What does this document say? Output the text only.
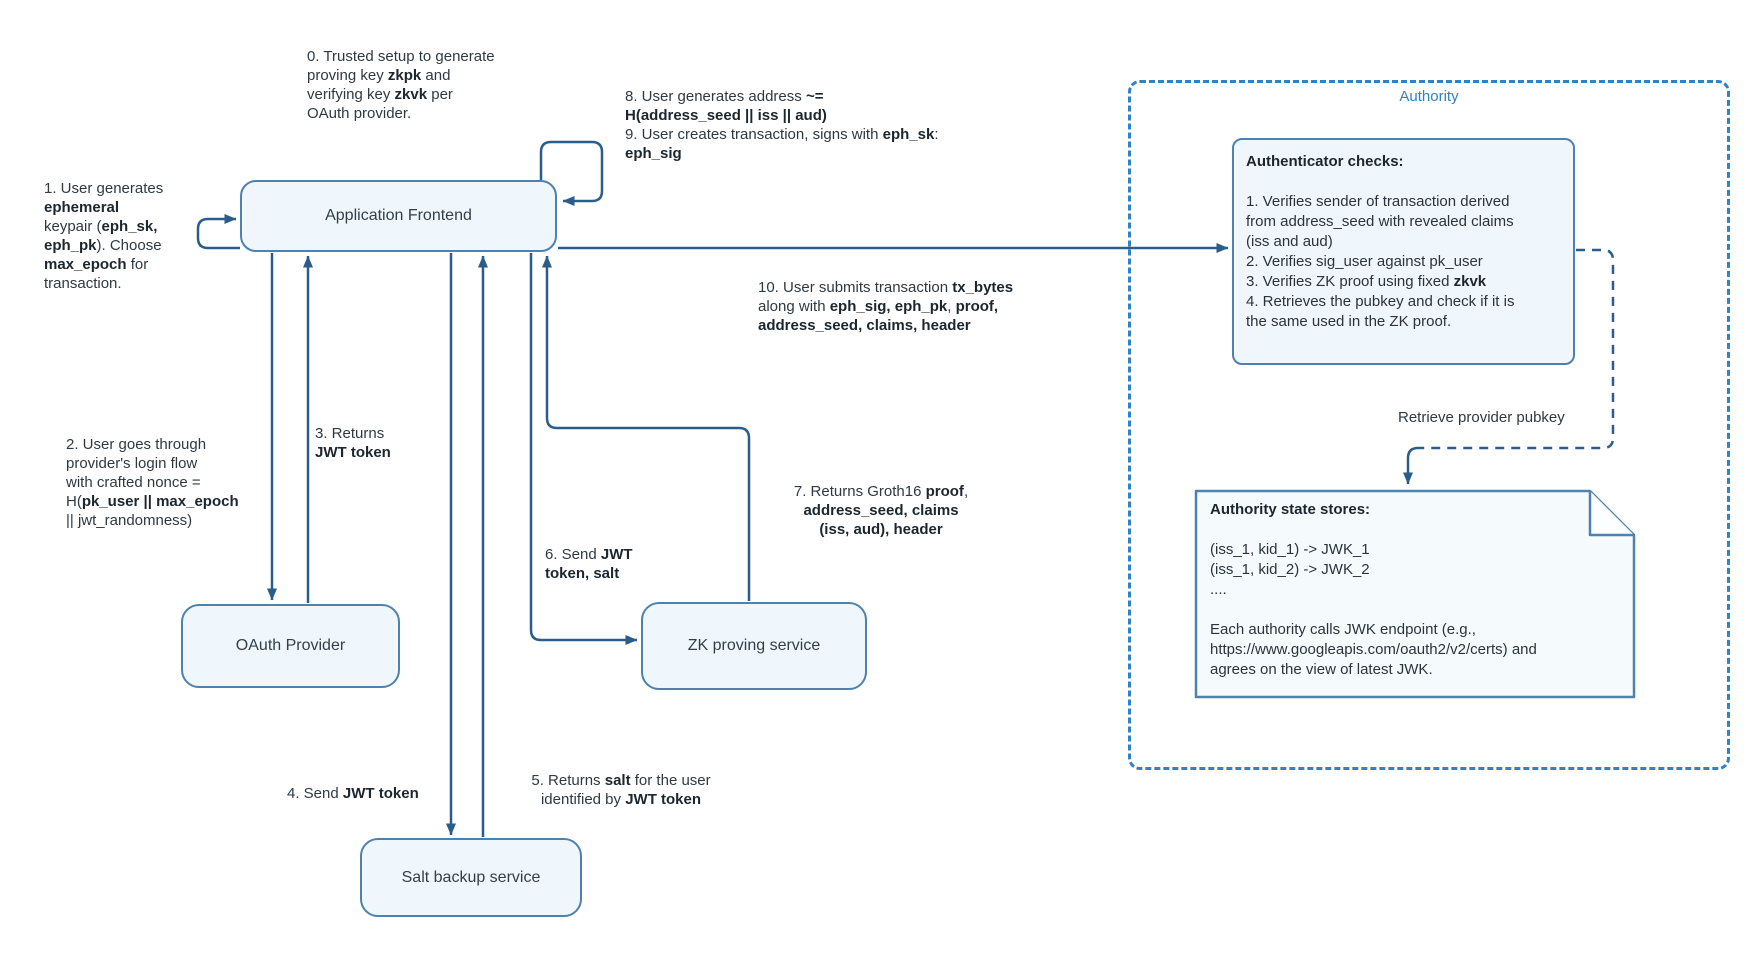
Authority
Application Frontend
OAuth Provider	ZK proving service
Salt backup service
Authenticator checks:
1. Verifies sender of transaction derived
from address_seed with revealed claims
(iss and aud)
2. Verifies sig_user against pk_user
3. Verifies ZK proof using fixed zkvk
4. Retrieves the pubkey and check if it is
the same used in the ZK proof.
Authority state stores:
(iss_1, kid_1) -> JWK_1
(iss_1, kid_2) -> JWK_2
....

Each authority calls JWK endpoint (e.g.,
https://www.googleapis.com/oauth2/v2/certs) and
agrees on the view of latest JWK.
0. Trusted setup to generate
proving key zkpk and
verifying key zkvk per
OAuth provider.
1. User generates
ephemeral
keypair (eph_sk,
eph_pk). Choose
max_epoch for
transaction.
2. User goes through
provider's login flow
with crafted nonce =
H(pk_user || max_epoch
|| jwt_randomness)
3. Returns
JWT token
4. Send JWT token
5. Returns salt for the user
identified by JWT token
6. Send JWT
token, salt
7. Returns Groth16 proof,
address_seed, claims
(iss, aud), header
8. User generates address ~=
H(address_seed || iss || aud)
9. User creates transaction, signs with eph_sk:
eph_sig
10. User submits transaction tx_bytes
along with eph_sig, eph_pk, proof,
address_seed, claims, header
Retrieve provider pubkey
